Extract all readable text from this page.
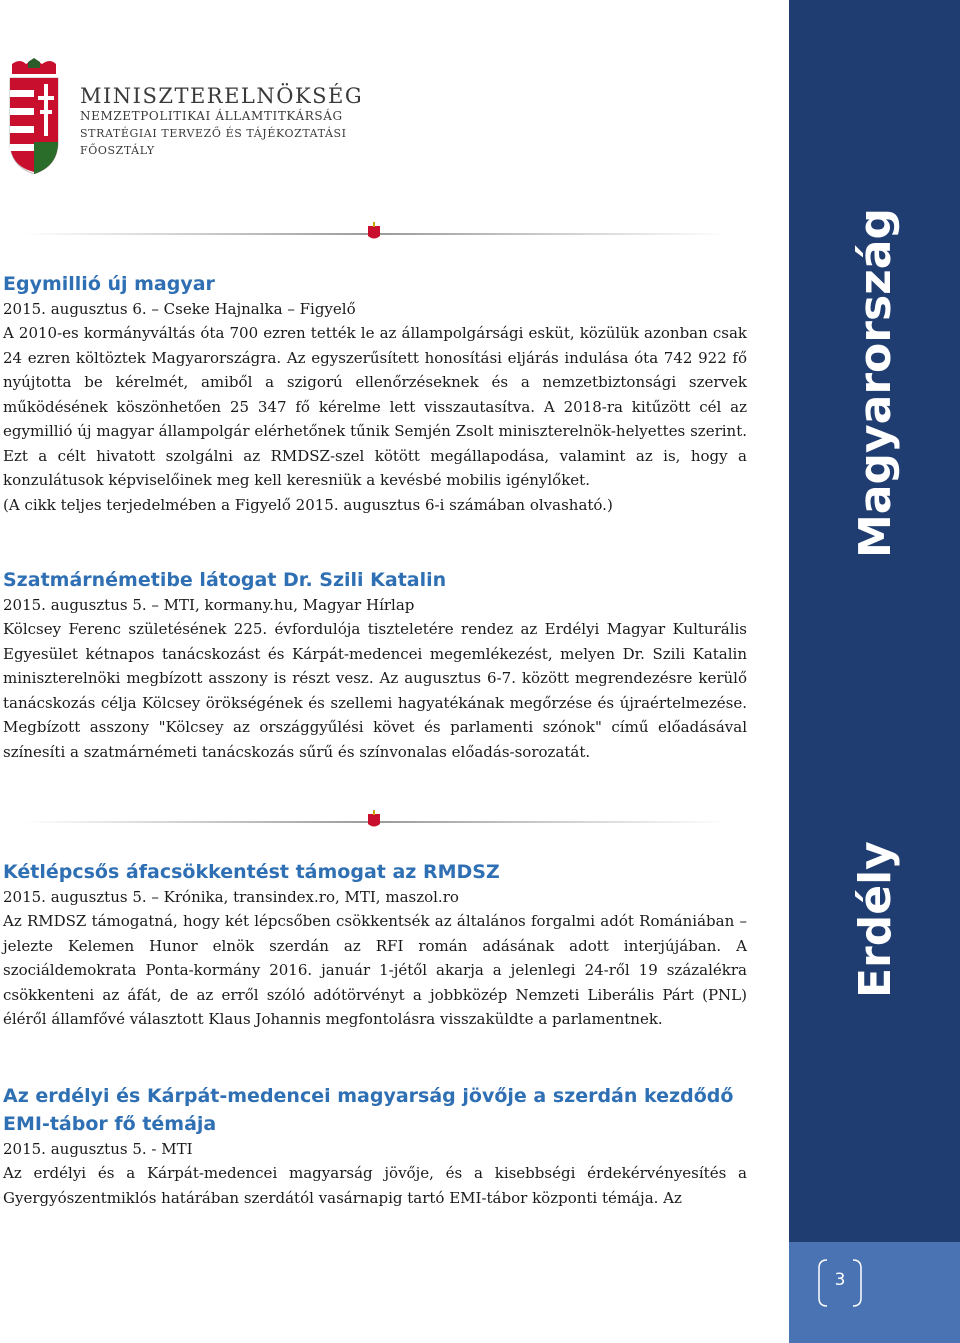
MINISZTERELNÖKSÉG
NEMZETPOLITIKAI ÁLLAMTITKÁRSÁG
STRATÉGIAI TERVEZŐ ÉS TÁJÉKOZTATÁSI FŐOSZTÁLY
Egymillió új magyar
2015. augusztus 6. – Cseke Hajnalka – Figyelő

A 2010-es kormányváltás óta 700 ezren tették le az állampolgársági esküt, közülük azonban csak 24 ezren költöztek Magyarországra. Az egyszerűsített honosítási eljárás indulása óta 742 922 fő nyújtotta be kérelmét, amiből a szigorú ellenőrzéseknek és a nemzetbiztonsági szervek működésének köszönhetően 25 347 fő kérelme lett visszautasítva. A 2018-ra kitűzött cél az egymillió új magyar állampolgár elérhetőnek tűnik Semjén Zsolt miniszterelnök-helyettes szerint. Ezt a célt hivatott szolgálni az RMDSZ-szel kötött megállapodása, valamint az is, hogy a konzulátusok képviselőinek meg kell keresniük a kevésbé mobilis igénylőket.

(A cikk teljes terjedelmében a Figyelő 2015. augusztus 6-i számában olvasható.)

Szatmárnémetibe látogat Dr. Szili Katalin
2015. augusztus 5. – MTI, kormany.hu, Magyar Hírlap

Kölcsey Ferenc születésének 225. évfordulója tiszteletére rendez az Erdélyi Magyar Kulturális Egyesület kétnapos tanácskozást és Kárpát-medencei megemlékezést, melyen Dr. Szili Katalin miniszterelnöki megbízott asszony is részt vesz. Az augusztus 6-7. között megrendezésre kerülő tanácskozás célja Kölcsey örökségének és szellemi hagyatékának megőrzése és újraértelmezése. Megbízott asszony "Kölcsey az országgyűlési követ és parlamenti szónok" című előadásával színesíti a szatmárnémeti tanácskozás sűrű és színvonalas előadás-sorozatát.

Kétlépcsős áfacsökkentést támogat az RMDSZ
2015. augusztus 5. – Krónika, transindex.ro, MTI, maszol.ro

Az RMDSZ támogatná, hogy két lépcsőben csökkentsék az általános forgalmi adót Romániában – jelezte Kelemen Hunor elnök szerdán az RFI román adásának adott interjújában. A szociáldemokrata Ponta-kormány 2016. január 1-jétől akarja a jelenlegi 24-ről 19 százalékra csökkenteni az áfát, de az erről szóló adótörvényt a jobbközép Nemzeti Liberális Párt (PNL) éléről államfővé választott Klaus Johannis megfontolásra visszaküldte a parlamentnek.

Az erdélyi és Kárpát-medencei magyarság jövője a szerdán kezdődő EMI-tábor fő témája
2015. augusztus 5. - MTI

Az erdélyi és a Kárpát-medencei magyarság jövője, és a kisebbségi érdekérvényesítés a Gyergyószentmiklós határában szerdától vasárnapig tartó EMI-tábor központi témája. Az

Magyarország
Erdély
3
